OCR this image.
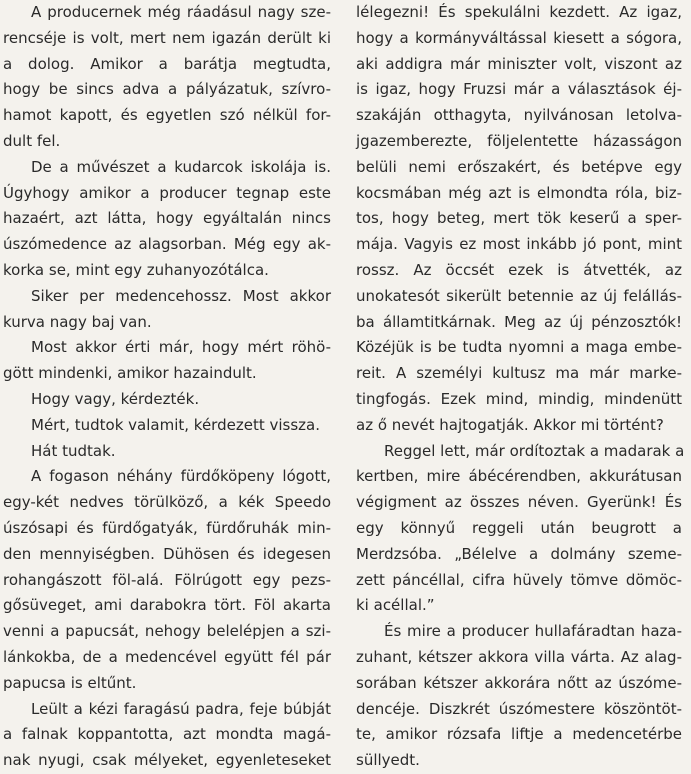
A producernek még ráadásul nagy sze-
rencséje is volt, mert nem igazán derült ki
a dolog. Amikor a barátja megtudta,
hogy be sincs adva a pályázatuk, szívro-
hamot kapott, és egyetlen szó nélkül for-
dult fel.
De a művészet a kudarcok iskolája is.
Úgyhogy amikor a producer tegnap este
hazaért, azt látta, hogy egyáltalán nincs
úszómedence az alagsorban. Még egy ak-
korka se, mint egy zuhanyozótálca.
Siker per medencehossz. Most akkor
kurva nagy baj van.
Most akkor érti már, hogy mért röhö-
gött mindenki, amikor hazaindult.
Hogy vagy, kérdezték.
Mért, tudtok valamit, kérdezett vissza.
Hát tudtak.
A fogason néhány fürdőköpeny lógott,
egy-két nedves törülköző, a kék Speedo
úszósapi és fürdőgatyák, fürdőruhák min-
den mennyiségben. Dühösen és idegesen
rohangászott föl-alá. Fölrúgott egy pezs-
gősüveget, ami darabokra tört. Föl akarta
venni a papucsát, nehogy belelépjen a szi-
lánkokba, de a medencével együtt fél pár
papucsa is eltűnt.
Leült a kézi faragású padra, feje búbját
a falnak koppantotta, azt mondta magá-
nak nyugi, csak mélyeket, egyenleteseket
lélegezni! És spekulálni kezdett. Az igaz,
hogy a kormányváltással kiesett a sógora,
aki addigra már miniszter volt, viszont az
is igaz, hogy Fruzsi már a választások éj-
szakáján otthagyta, nyilvánosan letolva-
jgazemberezte, följelentette házasságon
belüli nemi erőszakért, és betépve egy
kocsmában még azt is elmondta róla, biz-
tos, hogy beteg, mert tök keserű a sper-
mája. Vagyis ez most inkább jó pont, mint
rossz. Az öccsét ezek is átvették, az
unokatesót sikerült betennie az új felállás-
ba államtitkárnak. Meg az új pénzosztók!
Közéjük is be tudta nyomni a maga embe-
reit. A személyi kultusz ma már marke-
tingfogás. Ezek mind, mindig, mindenütt
az ő nevét hajtogatják. Akkor mi történt?
Reggel lett, már ordítoztak a madarak a
kertben, mire ábécérendben, akkurátusan
végigment az összes néven. Gyerünk! És
egy könnyű reggeli után beugrott a
Merdzsóba. „Bélelve a dolmány szeme-
zett páncéllal, cifra hüvely tömve dömöc-
ki acéllal.”
És mire a producer hullafáradtan haza-
zuhant, kétszer akkora villa várta. Az alag-
sorában kétszer akkorára nőtt az úszóme-
dencéje. Diszkrét úszómestere köszöntöt-
te, amikor rózsafa liftje a medencetérbe
süllyedt.
